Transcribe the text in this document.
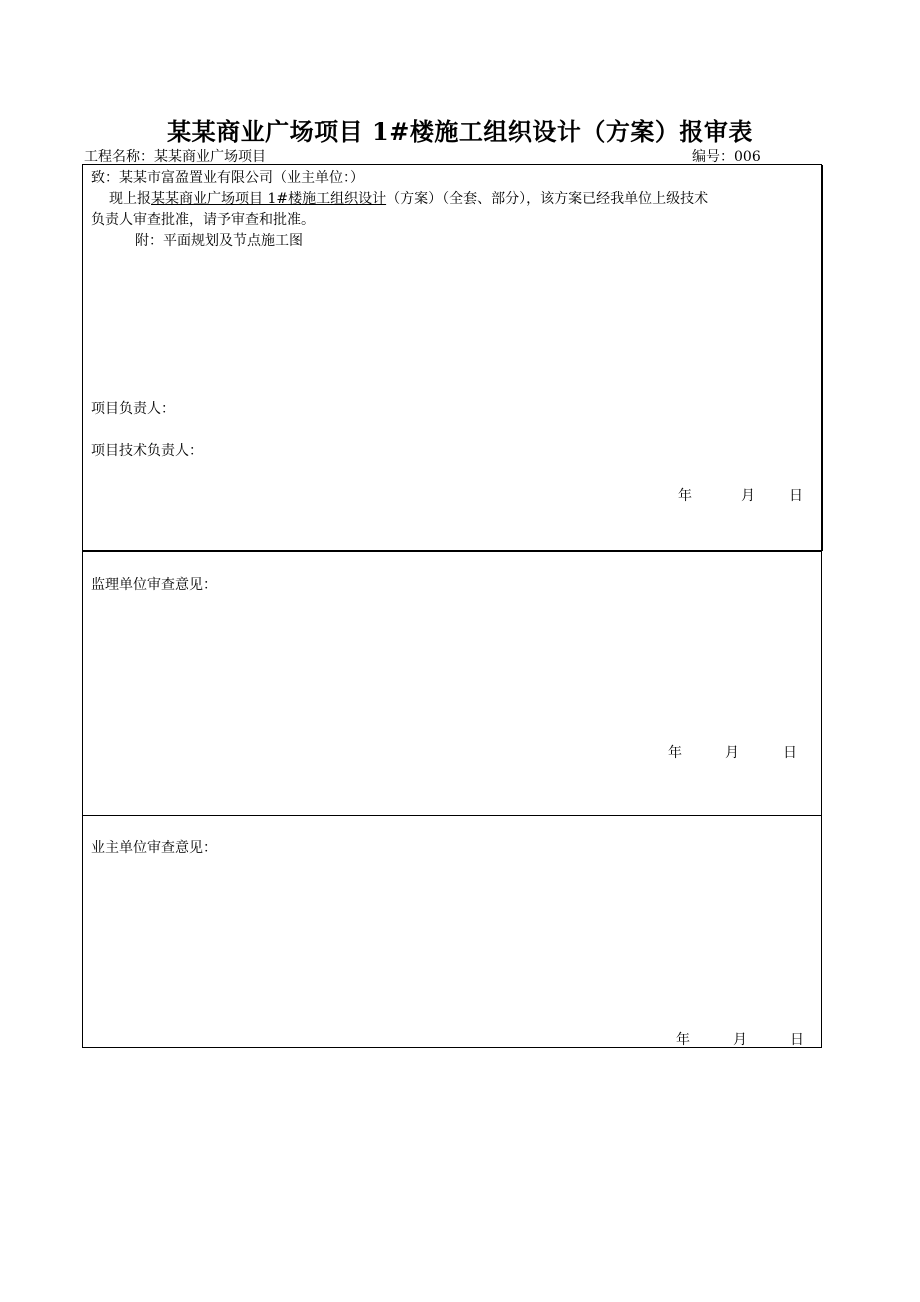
某某商业广场项目 1#楼施工组织设计（方案）报审表
工程名称：某某商业广场项目	编号：006
致：某某市富盈置业有限公司（业主单位：）
现上报某某商业广场项目 1#楼施工组织设计（方案）（全套、部分），该方案已经我单位上级技术
负责人审查批准，请予审查和批准。
附：平面规划及节点施工图
项目负责人：
项目技术负责人：
年	月 日
监理单位审查意见：
年	月	日
业主单位审查意见：
年	月	日
